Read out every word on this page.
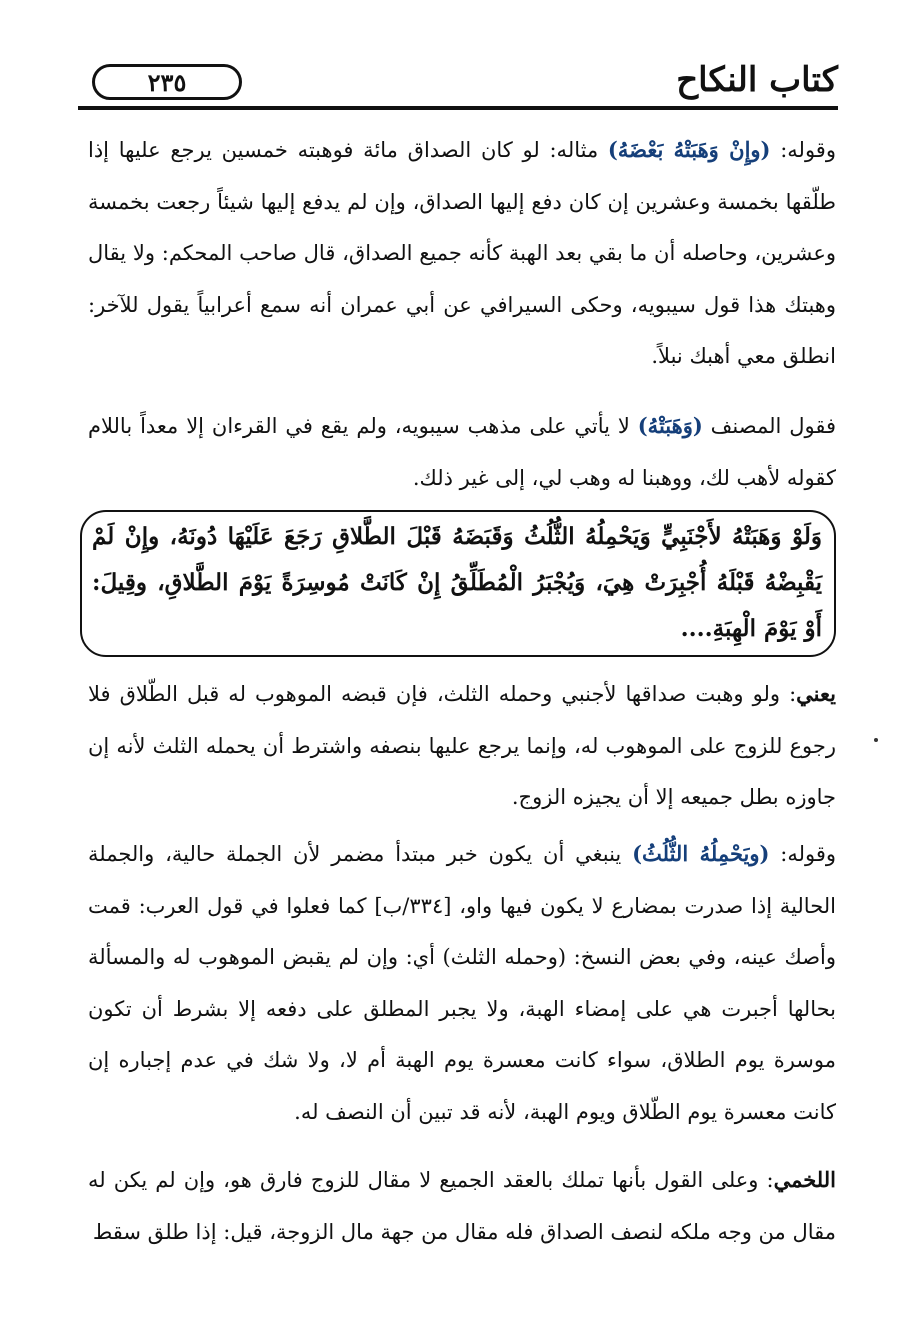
كتاب النكاح
٢٣٥
وقوله: (وإِنْ وَهَبَتْهُ بَعْضَهُ) مثاله: لو كان الصداق مائة فوهبته خمسين يرجع عليها إذا طلّقها بخمسة وعشرين إن كان دفع إليها الصداق، وإن لم يدفع إليها شيئاً رجعت بخمسة وعشرين، وحاصله أن ما بقي بعد الهبة كأنه جميع الصداق، قال صاحب المحكم: ولا يقال وهبتك هذا قول سيبويه، وحكى السيرافي عن أبي عمران أنه سمع أعرابياً يقول للآخر: انطلق معي أهبك نبلاً.
فقول المصنف (وَهَبَتْهُ) لا يأتي على مذهب سيبويه، ولم يقع في القرءان إلا معداً باللام كقوله لأهب لك، ووهبنا له وهب لي، إلى غير ذلك.
وَلَوْ وَهَبَتْهُ لأَجْنَبِيٍّ وَيَحْمِلُهُ الثُّلُثُ وَقَبَضَهُ قَبْلَ الطَّلاقِ رَجَعَ عَلَيْهَا دُونَهُ، وإِنْ لَمْ يَقْبِضْهُ قَبْلَهُ أُجْبِرَتْ هِيَ، وَيُجْبَرُ الْمُطَلِّقُ إِنْ كَانَتْ مُوسِرَةً يَوْمَ الطَّلاقِ، وقِيلَ: أَوْ يَوْمَ الْهِبَةِ....
يعني: ولو وهبت صداقها لأجنبي وحمله الثلث، فإن قبضه الموهوب له قبل الطّلاق فلا رجوع للزوج على الموهوب له، وإنما يرجع عليها بنصفه واشترط أن يحمله الثلث لأنه إن جاوزه بطل جميعه إلا أن يجيزه الزوج.
وقوله: (ويَحْمِلُهُ الثُّلُثُ) ينبغي أن يكون خبر مبتدأ مضمر لأن الجملة حالية، والجملة الحالية إذا صدرت بمضارع لا يكون فيها واو، [٣٣٤/ب] كما فعلوا في قول العرب: قمت وأصك عينه، وفي بعض النسخ: (وحمله الثلث) أي: وإن لم يقبض الموهوب له والمسألة بحالها أجبرت هي على إمضاء الهبة، ولا يجبر المطلق على دفعه إلا بشرط أن تكون موسرة يوم الطلاق، سواء كانت معسرة يوم الهبة أم لا، ولا شك في عدم إجباره إن كانت معسرة يوم الطّلاق ويوم الهبة، لأنه قد تبين أن النصف له.
اللخمي: وعلى القول بأنها تملك بالعقد الجميع لا مقال للزوج فارق هو، وإن لم يكن له مقال من وجه ملكه لنصف الصداق فله مقال من جهة مال الزوجة، قيل: إذا طلق سقط
